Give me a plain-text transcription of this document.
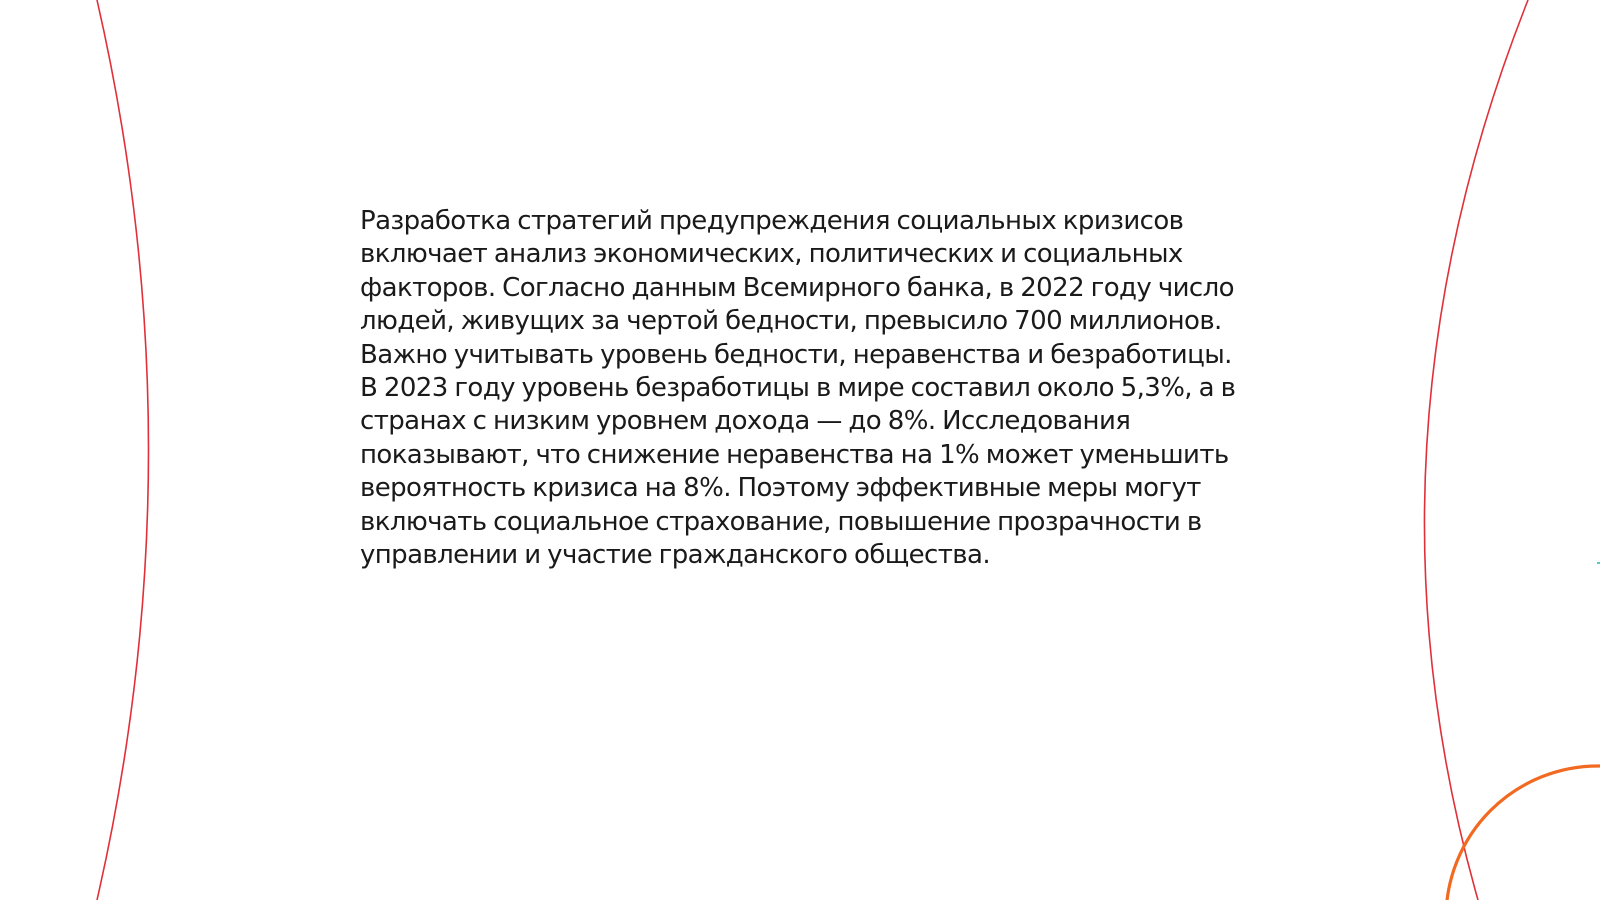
Разработка стратегий предупреждения социальных кризисов включает анализ экономических, политических и социальных факторов. Согласно данным Всемирного банка, в 2022 году число людей, живущих за чертой бедности, превысило 700 миллионов. Важно учитывать уровень бедности, неравенства и безработицы. В 2023 году уровень безработицы в мире составил около 5,3%, а в странах с низким уровнем дохода — до 8%. Исследования показывают, что снижение неравенства на 1% может уменьшить вероятность кризиса на 8%. Поэтому эффективные меры могут включать социальное страхование, повышение прозрачности в управлении и участие гражданского общества.
